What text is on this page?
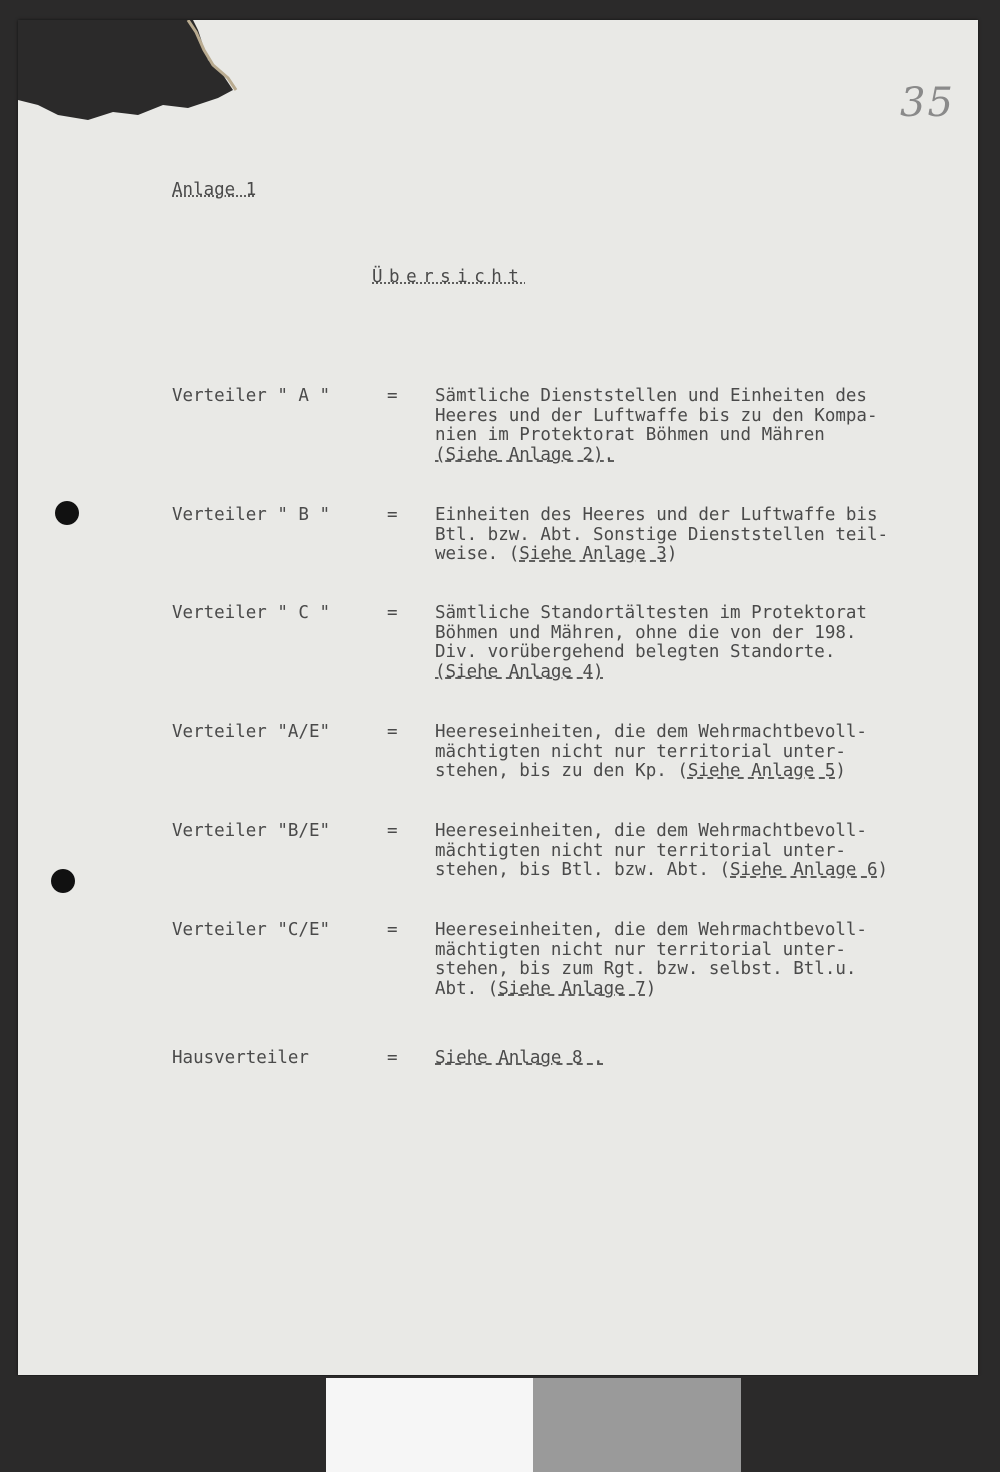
35
Anlage 1
Übersicht
Verteiler " A "	= Sämtliche Dienststellen und Einheiten des
Heeres und der Luftwaffe bis zu den Kompa-
nien im Protektorat Böhmen und Mähren
(Siehe Anlage 2).
Verteiler " B "	= Einheiten des Heeres und der Luftwaffe bis
Btl. bzw. Abt. Sonstige Dienststellen teil-
weise. (Siehe Anlage 3)
Verteiler " C "	= Sämtliche Standortältesten im Protektorat
Böhmen und Mähren, ohne die von der 198.
Div. vorübergehend belegten Standorte.
(Siehe Anlage 4)
Verteiler "A/E"	= Heereseinheiten, die dem Wehrmachtbevoll-
mächtigten nicht nur territorial unter-
stehen, bis zu den Kp. (Siehe Anlage 5)
Verteiler "B/E"	= Heereseinheiten, die dem Wehrmachtbevoll-
mächtigten nicht nur territorial unter-
stehen, bis Btl. bzw. Abt. (Siehe Anlage 6)
Verteiler "C/E"	= Heereseinheiten, die dem Wehrmachtbevoll-
mächtigten nicht nur territorial unter-
stehen, bis zum Rgt. bzw. selbst. Btl.u.
Abt. (Siehe Anlage 7)
Hausverteiler	= Siehe Anlage 8 .
